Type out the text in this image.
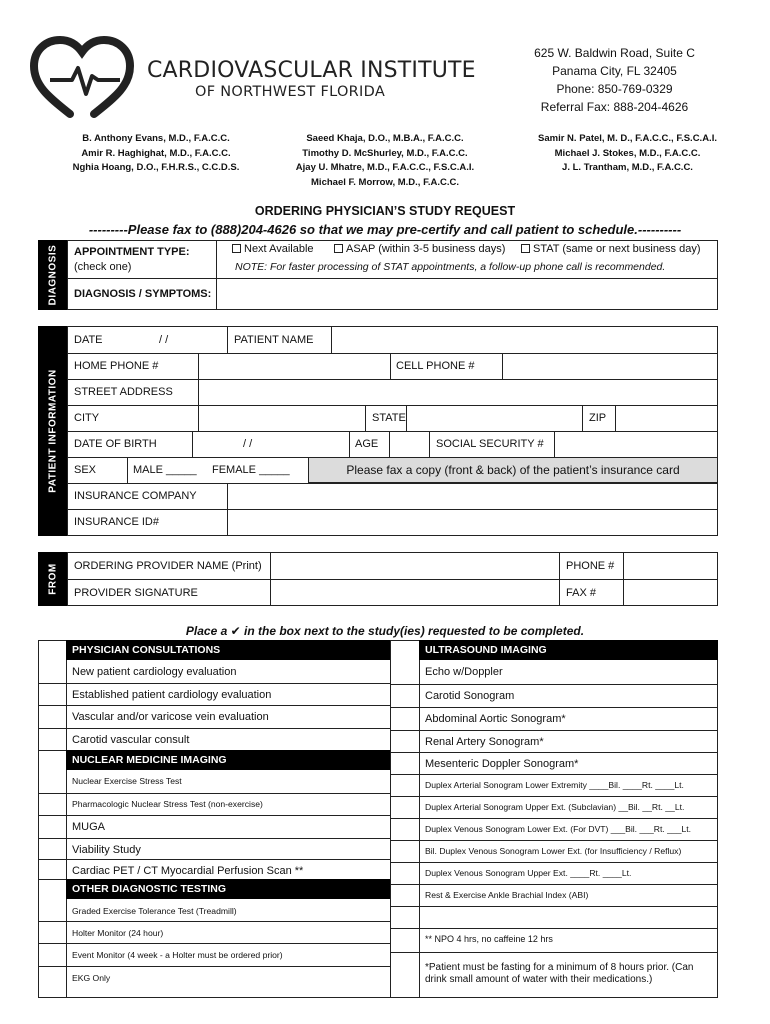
CARDIOVASCULAR INSTITUTE
OF NORTHWEST FLORIDA
625 W. Baldwin Road, Suite C
Panama City, FL 32405
Phone: 850-769-0329
Referral Fax: 888-204-4626
B. Anthony Evans, M.D., F.A.C.C.
Amir R. Haghighat, M.D., F.A.C.C.
Nghia Hoang, D.O., F.H.R.S., C.C.D.S.
Saeed Khaja, D.O., M.B.A., F.A.C.C.
Timothy D. McShurley, M.D., F.A.C.C.
Ajay U. Mhatre, M.D., F.A.C.C., F.S.C.A.I.
Michael F. Morrow, M.D., F.A.C.C.
Samir N. Patel, M. D., F.A.C.C., F.S.C.A.I.
Michael J. Stokes, M.D., F.A.C.C.
J. L. Trantham, M.D., F.A.C.C.
ORDERING PHYSICIAN’S STUDY REQUEST
---------Please fax to (888)204-4626 so that we may pre-certify and call patient to schedule.----------
DIAGNOSIS APPOINTMENT TYPE:
(check one)
Next Available	ASAP (within 3-5 business days)	STAT (same or next business day)
NOTE: For faster processing of STAT appointments, a follow-up phone call is recommended.
DIAGNOSIS / SYMPTOMS:
PATIENT INFORMATION
DATE	/ /	PATIENT NAME
HOME PHONE #	CELL PHONE #
STREET ADDRESS
CITY	STATE	ZIP
DATE OF BIRTH	/ /	AGE	SOCIAL SECURITY #
SEX	MALE _____ FEMALE _____	Please fax a copy (front & back) of the patient’s insurance card
INSURANCE COMPANY
INSURANCE ID#
FROM ORDERING PROVIDER NAME (Print)	PHONE #
PROVIDER SIGNATURE	FAX #
Place a ✔ in the box next to the study(ies) requested to be completed.
PHYSICIAN CONSULTATIONS
New patient cardiology evaluation
Established patient cardiology evaluation
Vascular and/or varicose vein evaluation
Carotid vascular consult
NUCLEAR MEDICINE IMAGING
Nuclear Exercise Stress Test
Pharmacologic Nuclear Stress Test (non-exercise)
MUGA
Viability Study
Cardiac PET / CT Myocardial Perfusion Scan **
OTHER DIAGNOSTIC TESTING
Graded Exercise Tolerance Test (Treadmill)
Holter Monitor (24 hour)
Event Monitor (4 week - a Holter must be ordered prior)
EKG Only
ULTRASOUND IMAGING
Echo w/Doppler
Carotid Sonogram
Abdominal Aortic Sonogram*
Renal Artery Sonogram*
Mesenteric Doppler Sonogram*
Duplex Arterial Sonogram Lower Extremity ____Bil. ____Rt. ____Lt.
Duplex Arterial Sonogram Upper Ext. (Subclavian) __Bil. __Rt. __Lt.
Duplex Venous Sonogram Lower Ext. (For DVT) ___Bil. ___Rt. ___Lt.
Bil. Duplex Venous Sonogram Lower Ext. (for Insufficiency / Reflux)
Duplex Venous Sonogram Upper Ext. ____Rt. ____Lt.
Rest & Exercise Ankle Brachial Index (ABI)
** NPO 4 hrs, no caffeine 12 hrs
*Patient must be fasting for a minimum of 8 hours prior. (Can drink small amount of water with their medications.)
